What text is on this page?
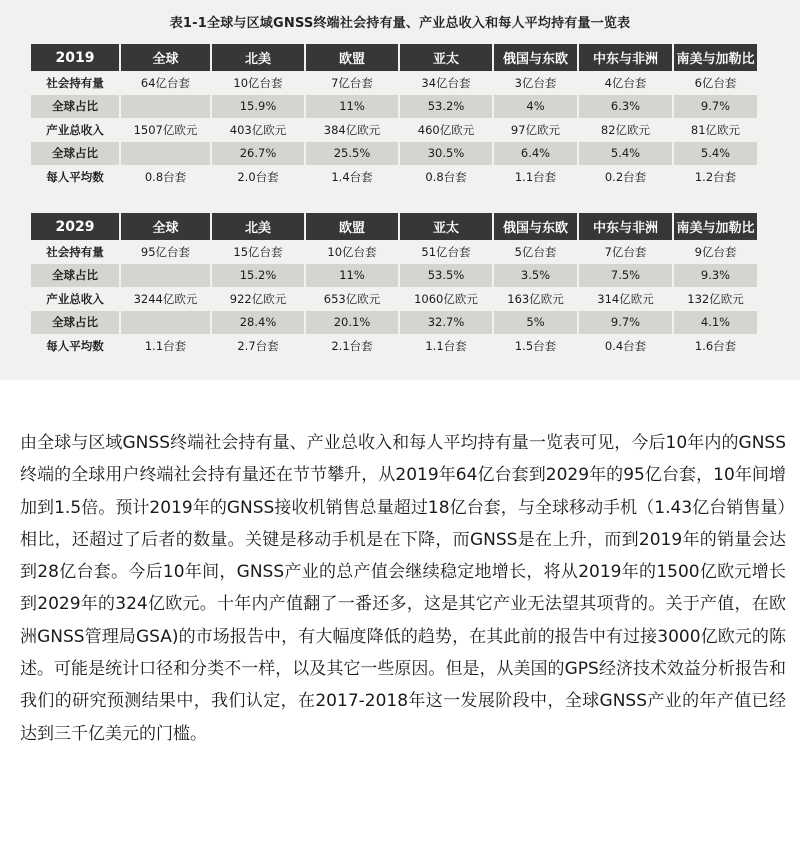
表1-1全球与区域GNSS终端社会持有量、产业总收入和每人平均持有量一览表
2019	全球	北美	欧盟	亚太	俄国与东欧	中东与非洲	南美与加勒比
社会持有量	64亿台套	10亿台套	7亿台套	34亿台套	3亿台套	4亿台套	6亿台套
全球占比		15.9%	11%	53.2%	4%	6.3%	9.7%
产业总收入	1507亿欧元	403亿欧元	384亿欧元	460亿欧元	97亿欧元	82亿欧元	81亿欧元
全球占比		26.7%	25.5%	30.5%	6.4%	5.4%	5.4%
每人平均数	0.8台套	2.0台套	1.4台套	0.8台套	1.1台套	0.2台套	1.2台套
2029	全球	北美	欧盟	亚太	俄国与东欧	中东与非洲	南美与加勒比
社会持有量	95亿台套	15亿台套	10亿台套	51亿台套	5亿台套	7亿台套	9亿台套
全球占比		15.2%	11%	53.5%	3.5%	7.5%	9.3%
产业总收入	3244亿欧元	922亿欧元	653亿欧元	1060亿欧元	163亿欧元	314亿欧元	132亿欧元
全球占比		28.4%	20.1%	32.7%	5%	9.7%	4.1%
每人平均数	1.1台套	2.7台套	2.1台套	1.1台套	1.5台套	0.4台套	1.6台套

由全球与区域GNSS终端社会持有量、产业总收入和每人平均持有量一览表可见，今后10年内的GNSS终端的全球用户终端社会持有量还在节节攀升，从2019年64亿台套到2029年的95亿台套，10年间增加到1.5倍。预计2019年的GNSS接收机销售总量超过18亿台套，与全球移动手机（1.43亿台销售量）相比，还超过了后者的数量。关键是移动手机是在下降，而GNSS是在上升，而到2019年的销量会达到28亿台套。今后10年间，GNSS产业的总产值会继续稳定地增长，将从2019年的1500亿欧元增长到2029年的324亿欧元。十年内产值翻了一番还多，这是其它产业无法望其项背的。关于产值，在欧洲GNSS管理局GSA)的市场报告中，有大幅度降低的趋势，在其此前的报告中有过接3000亿欧元的陈述。可能是统计口径和分类不一样，以及其它一些原因。但是，从美国的GPS经济技术效益分析报告和我们的研究预测结果中，我们认定，在2017-2018年这一发展阶段中，全球GNSS产业的年产值已经达到三千亿美元的门槛。
